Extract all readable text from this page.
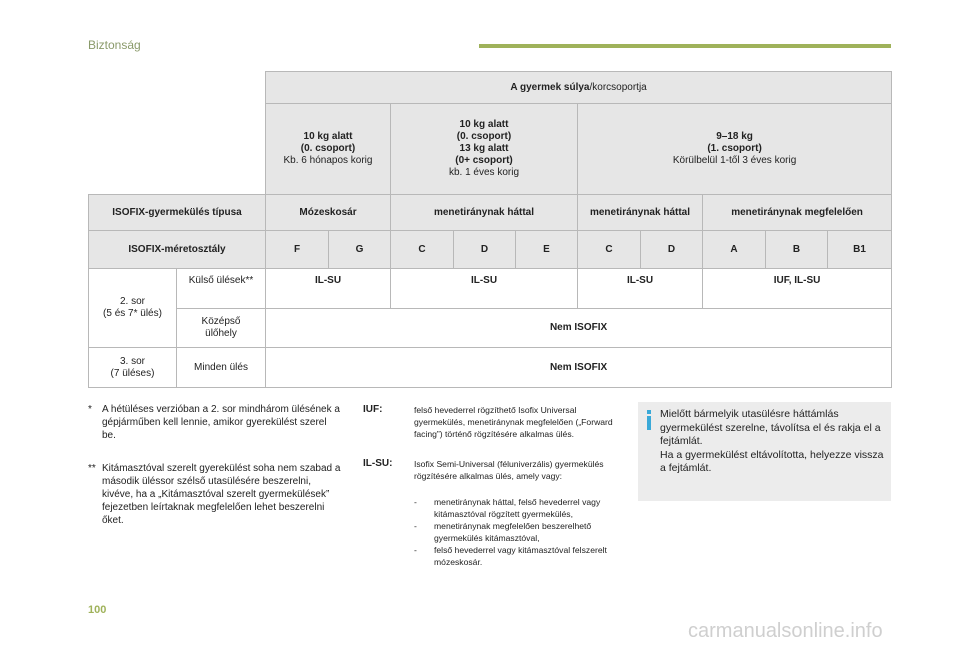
Biztonság
		A gyermek súlya/korcsoportja									

		10 kg alatt
(0. csoport)
Kb. 6 hónapos korig		10 kg alatt
(0. csoport)
13 kg alatt
(0+ csoport)
kb. 1 éves korig			9–18 kg
(1. csoport)
Körülbelül 1-től 3 éves korig				

ISOFIX-gyermekülés típusa		Mózeskosár		menetiránynak háttal			menetiránynak háttal		menetiránynak megfelelően		
ISOFIX-méretosztály		F	G	C	D	E	C	D	A	B	B1

2. sor
(5 és 7* ülés)	Külső ülések**	IL-SU		IL-SU			IL-SU		IUF, IL-SU		

	Középső
ülőhely	Nem ISOFIX									

3. sor
(7 üléses)	Minden ülés	Nem ISOFIX									
* A hétüléses verzióban a 2. sor mindhárom ülésének a gépjárműben kell lennie, amikor gyerekülést szerel be.
** Kitámasztóval szerelt gyerekülést soha nem szabad a második üléssor szélső utasülésére beszerelni, kivéve, ha a „Kitámasztóval szerelt gyermekülések” fejezetben leírtaknak megfelelően lehet beszerelni őket.
IUF:	felső hevederrel rögzíthető Isofix Universal gyermekülés, menetiránynak megfelelően („Forward facing”) történő rögzítésére alkalmas ülés.
IL-SU:	Isofix Semi-Universal (féluniverzális) gyermekülés rögzítésére alkalmas ülés, amely vagy:
- menetiránynak háttal, felső hevederrel vagy kitámasztóval rögzített gyermekülés,
- menetiránynak megfelelően beszerelhető gyermekülés kitámasztóval,
- felső hevederrel vagy kitámasztóval felszerelt mózeskosár.
Mielőtt bármelyik utasülésre háttámlás gyermekülést szerelne, távolítsa el és rakja el a fejtámlát.
Ha a gyermekülést eltávolította, helyezze vissza a fejtámlát.
100
carmanualsonline.info
